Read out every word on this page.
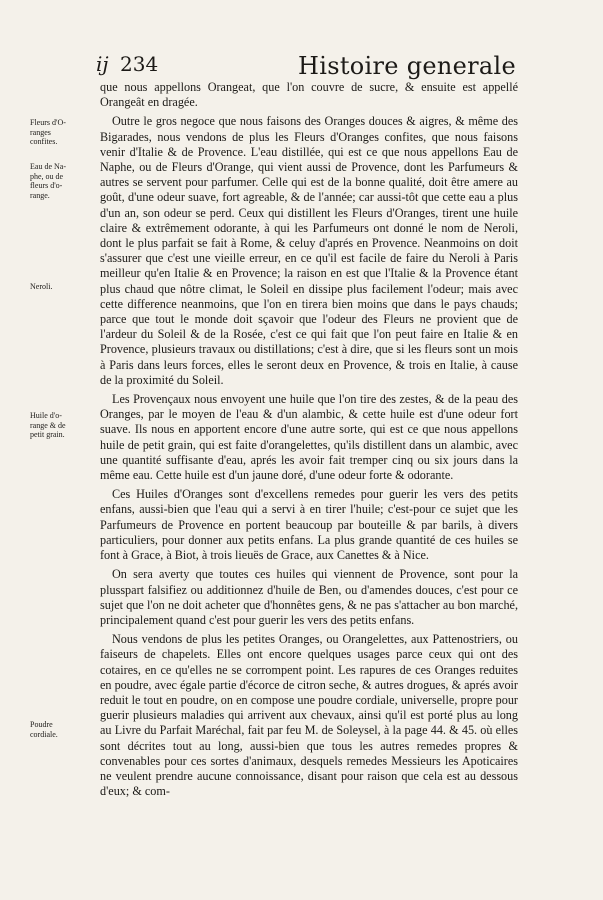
ij 234	Histoire generale
Fleurs d'O-
ranges
confites.
Eau de Na-
phe, ou de
fleurs d'o-
range.
Neroli.
Huile d'o-
range & de
petit grain.
Poudre
cordiale.

que nous appellons Orangeat, que l'on couvre de sucre, & ensuite est appellé Orangeât en dragée.

Outre le gros negoce que nous faisons des Oranges douces & aigres, & même des Bigarades, nous vendons de plus les Fleurs d'Oranges confites, que nous faisons venir d'Italie & de Provence. L'eau distillée, qui est ce que nous appellons Eau de Naphe, ou de Fleurs d'Orange, qui vient aussi de Provence, dont les Parfumeurs & autres se servent pour parfumer. Celle qui est de la bonne qualité, doit être amere au goût, d'une odeur suave, fort agreable, & de l'année; car aussi-tôt que cette eau a plus d'un an, son odeur se perd. Ceux qui distillent les Fleurs d'Oranges, tirent une huile claire & extrêmement odorante, à qui les Parfumeurs ont donné le nom de Neroli, dont le plus parfait se fait à Rome, & celuy d'aprés en Provence. Neanmoins on doit s'assurer que c'est une vieille erreur, en ce qu'il est facile de faire du Neroli à Paris meilleur qu'en Italie & en Provence; la raison en est que l'Italie & la Provence étant plus chaud que nôtre climat, le Soleil en dissipe plus facilement l'odeur; mais avec cette difference neanmoins, que l'on en tirera bien moins que dans le pays chauds; parce que tout le monde doit sçavoir que l'odeur des Fleurs ne provient que de l'ardeur du Soleil & de la Rosée, c'est ce qui fait que l'on peut faire en Italie & en Provence, plusieurs travaux ou distillations; c'est à dire, que si les fleurs sont un mois à Paris dans leurs forces, elles le seront deux en Provence, & trois en Italie, à cause de la proximité du Soleil.

Les Provençaux nous envoyent une huile que l'on tire des zestes, & de la peau des Oranges, par le moyen de l'eau & d'un alambic, & cette huile est d'une odeur fort suave. Ils nous en apportent encore d'une autre sorte, qui est ce que nous appellons huile de petit grain, qui est faite d'orangelettes, qu'ils distillent dans un alambic, avec une quantité suffisante d'eau, aprés les avoir fait tremper cinq ou six jours dans la même eau. Cette huile est d'un jaune doré, d'une odeur forte & odorante.

Ces Huiles d'Oranges sont d'excellens remedes pour guerir les vers des petits enfans, aussi-bien que l'eau qui a servi à en tirer l'huile; c'est-pour ce sujet que les Parfumeurs de Provence en portent beaucoup par bouteille & par barils, à divers particuliers, pour donner aux petits enfans. La plus grande quantité de ces huiles se font à Grace, à Biot, à trois lieuës de Grace, aux Canettes & à Nice.

On sera averty que toutes ces huiles qui viennent de Provence, sont pour la plusspart falsifiez ou additionnez d'huile de Ben, ou d'amendes douces, c'est pour ce sujet que l'on ne doit acheter que d'honnêtes gens, & ne pas s'attacher au bon marché, principalement quand c'est pour guerir les vers des petits enfans.

Nous vendons de plus les petites Oranges, ou Orangelettes, aux Pattenostriers, ou faiseurs de chapelets. Elles ont encore quelques usages parce ceux qui ont des cotaires, en ce qu'elles ne se corrompent point. Les rapures de ces Oranges reduites en poudre, avec égale partie d'écorce de citron seche, & autres drogues, & aprés avoir reduit le tout en poudre, on en compose une poudre cordiale, universelle, propre pour guerir plusieurs maladies qui arrivent aux chevaux, ainsi qu'il est porté plus au long au Livre du Parfait Maréchal, fait par feu M. de Soleysel, à la page 44. & 45. où elles sont décrites tout au long, aussi-bien que tous les autres remedes propres & convenables pour ces sortes d'animaux, desquels remedes Messieurs les Apoticaires ne veulent prendre aucune connoissance, disant pour raison que cela est au dessous d'eux; & com-
